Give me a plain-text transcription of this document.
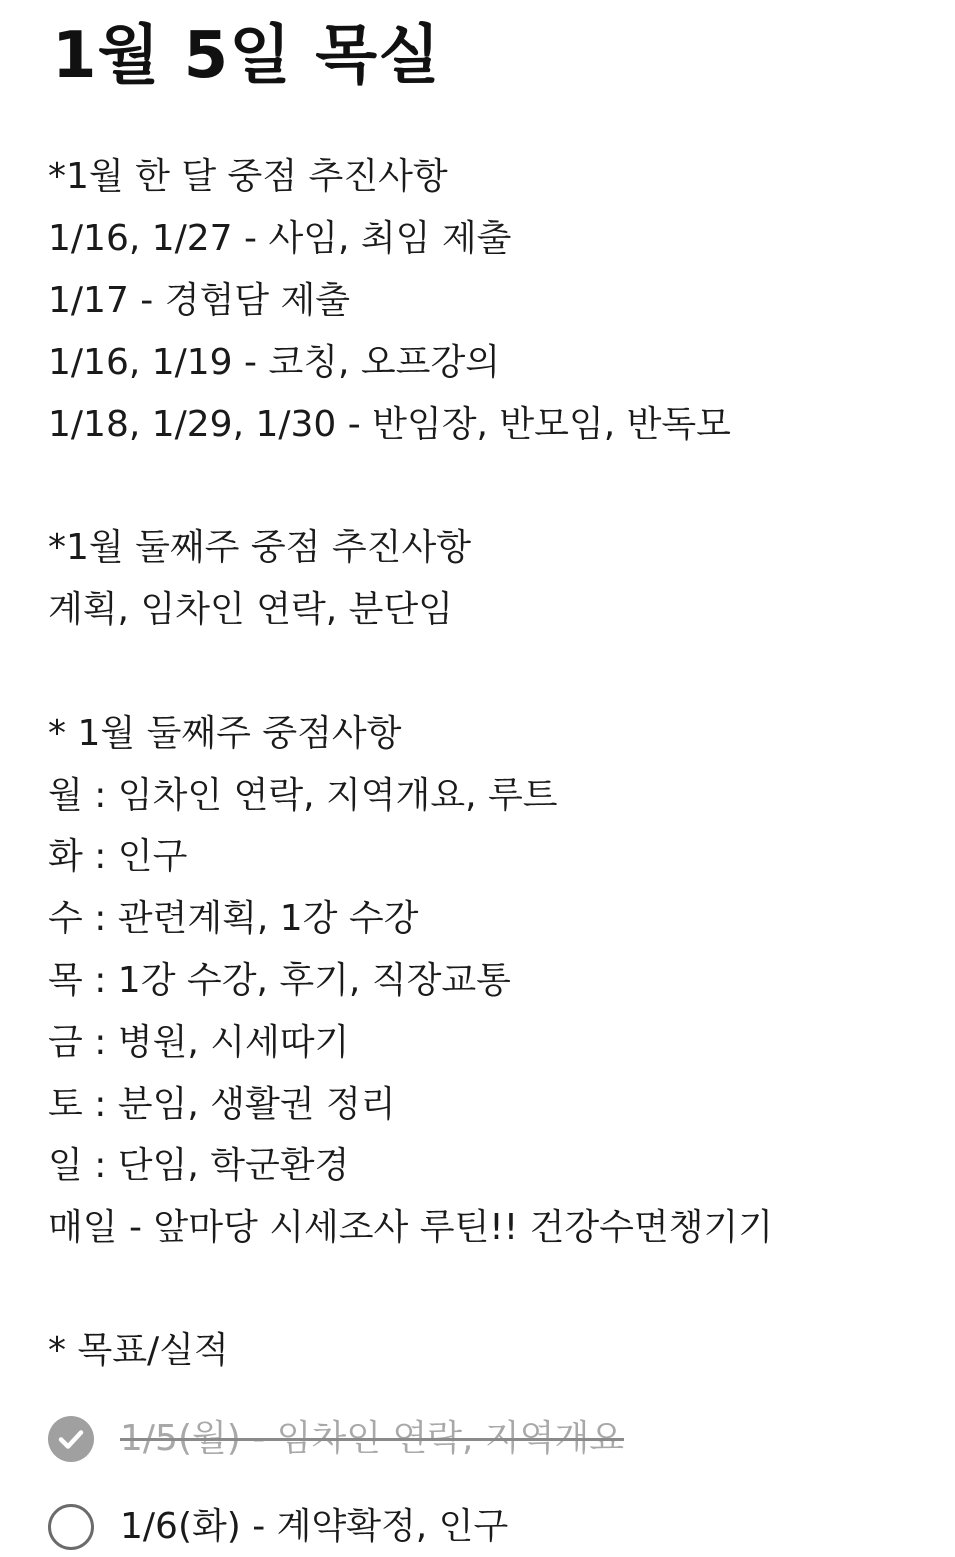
1월 5일 목실
*1월 한 달 중점 추진사항
1/16, 1/27 - 사임, 최임 제출
1/17 - 경험담 제출
1/16, 1/19 - 코칭, 오프강의
1/18, 1/29, 1/30 - 반임장, 반모임, 반독모
*1월 둘째주 중점 추진사항
계획, 임차인 연락, 분단임
* 1월 둘째주 중점사항
월 : 임차인 연락, 지역개요, 루트
화 : 인구
수 : 관련계획, 1강 수강
목 : 1강 수강, 후기, 직장교통
금 : 병원, 시세따기
토 : 분임, 생활권 정리
일 : 단임, 학군환경
매일 - 앞마당 시세조사 루틴!! 건강수면챙기기
* 목표/실적
1/5(월) - 임차인 연락, 지역개요
1/6(화) - 계약확정, 인구
